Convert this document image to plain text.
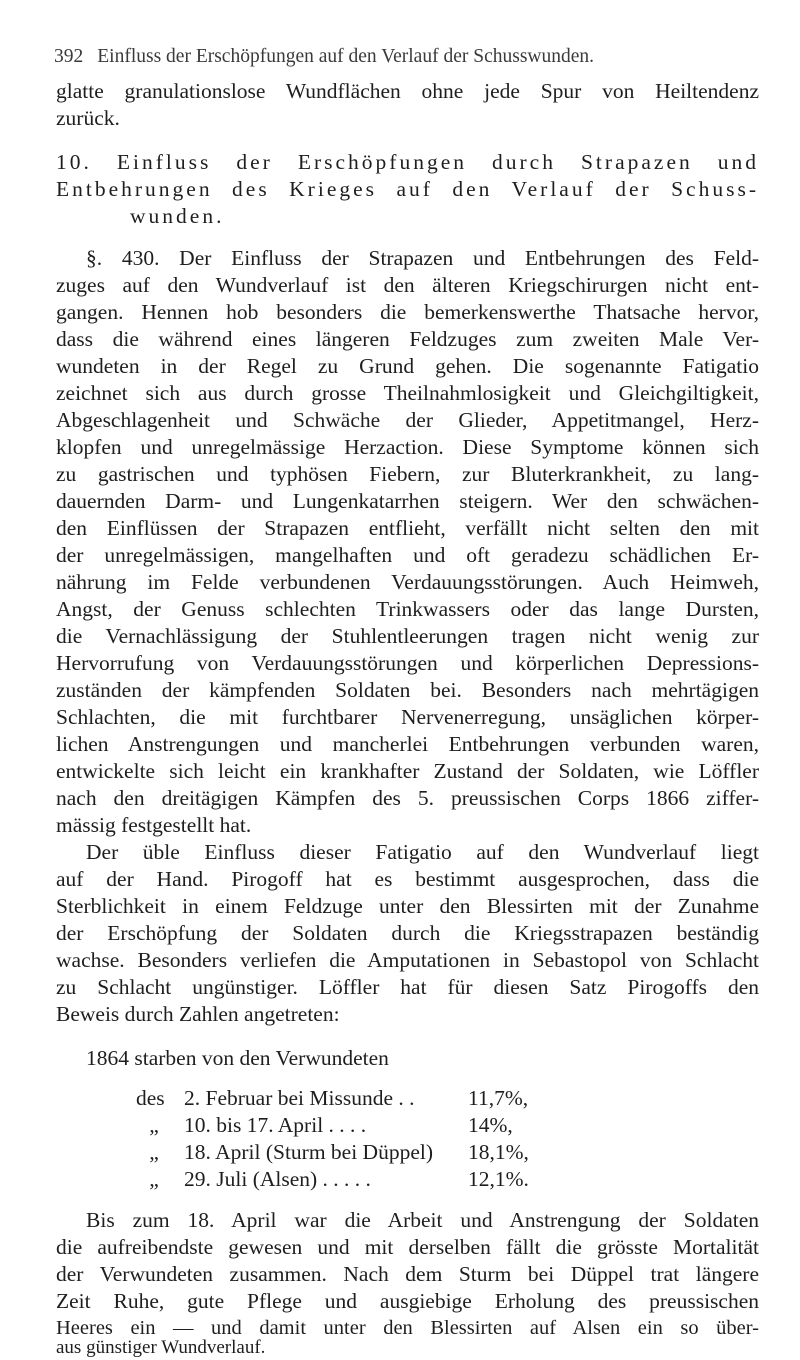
392 Einfluss der Erschöpfungen auf den Verlauf der Schusswunden.
glatte granulationslose Wundflächen ohne jede Spur von Heiltendenz
zurück.
10. Einfluss der Erschöpfungen durch Strapazen und
Entbehrungen des Krieges auf den Verlauf der Schuss-
wunden.
§. 430. Der Einfluss der Strapazen und Entbehrungen des Feld-
zuges auf den Wundverlauf ist den älteren Kriegschirurgen nicht ent-
gangen. Hennen hob besonders die bemerkenswerthe Thatsache hervor,
dass die während eines längeren Feldzuges zum zweiten Male Ver-
wundeten in der Regel zu Grund gehen. Die sogenannte Fatigatio
zeichnet sich aus durch grosse Theilnahmlosigkeit und Gleichgiltigkeit,
Abgeschlagenheit und Schwäche der Glieder, Appetitmangel, Herz-
klopfen und unregelmässige Herzaction. Diese Symptome können sich
zu gastrischen und typhösen Fiebern, zur Bluterkrankheit, zu lang-
dauernden Darm- und Lungenkatarrhen steigern. Wer den schwächen-
den Einflüssen der Strapazen entflieht, verfällt nicht selten den mit
der unregelmässigen, mangelhaften und oft geradezu schädlichen Er-
nährung im Felde verbundenen Verdauungsstörungen. Auch Heimweh,
Angst, der Genuss schlechten Trinkwassers oder das lange Dursten,
die Vernachlässigung der Stuhlentleerungen tragen nicht wenig zur
Hervorrufung von Verdauungsstörungen und körperlichen Depressions-
zuständen der kämpfenden Soldaten bei. Besonders nach mehrtägigen
Schlachten, die mit furchtbarer Nervenerregung, unsäglichen körper-
lichen Anstrengungen und mancherlei Entbehrungen verbunden waren,
entwickelte sich leicht ein krankhafter Zustand der Soldaten, wie Löffler
nach den dreitägigen Kämpfen des 5. preussischen Corps 1866 ziffer-
mässig festgestellt hat.
Der üble Einfluss dieser Fatigatio auf den Wundverlauf liegt
auf der Hand. Pirogoff hat es bestimmt ausgesprochen, dass die
Sterblichkeit in einem Feldzuge unter den Blessirten mit der Zunahme
der Erschöpfung der Soldaten durch die Kriegsstrapazen beständig
wachse. Besonders verliefen die Amputationen in Sebastopol von Schlacht
zu Schlacht ungünstiger. Löffler hat für diesen Satz Pirogoffs den
Beweis durch Zahlen angetreten:
1864 starben von den Verwundeten
des 2. Februar bei Missunde . . 11,7%,
„	10. bis 17. April . . . .	14%,
„	18. April (Sturm bei Düppel) 18,1%,
„	29. Juli (Alsen) . . . . .	12,1%.
Bis zum 18. April war die Arbeit und Anstrengung der Soldaten
die aufreibendste gewesen und mit derselben fällt die grösste Mortalität
der Verwundeten zusammen. Nach dem Sturm bei Düppel trat längere
Zeit Ruhe, gute Pflege und ausgiebige Erholung des preussischen
Heeres ein — und damit unter den Blessirten auf Alsen ein so über-
aus günstiger Wundverlauf.
